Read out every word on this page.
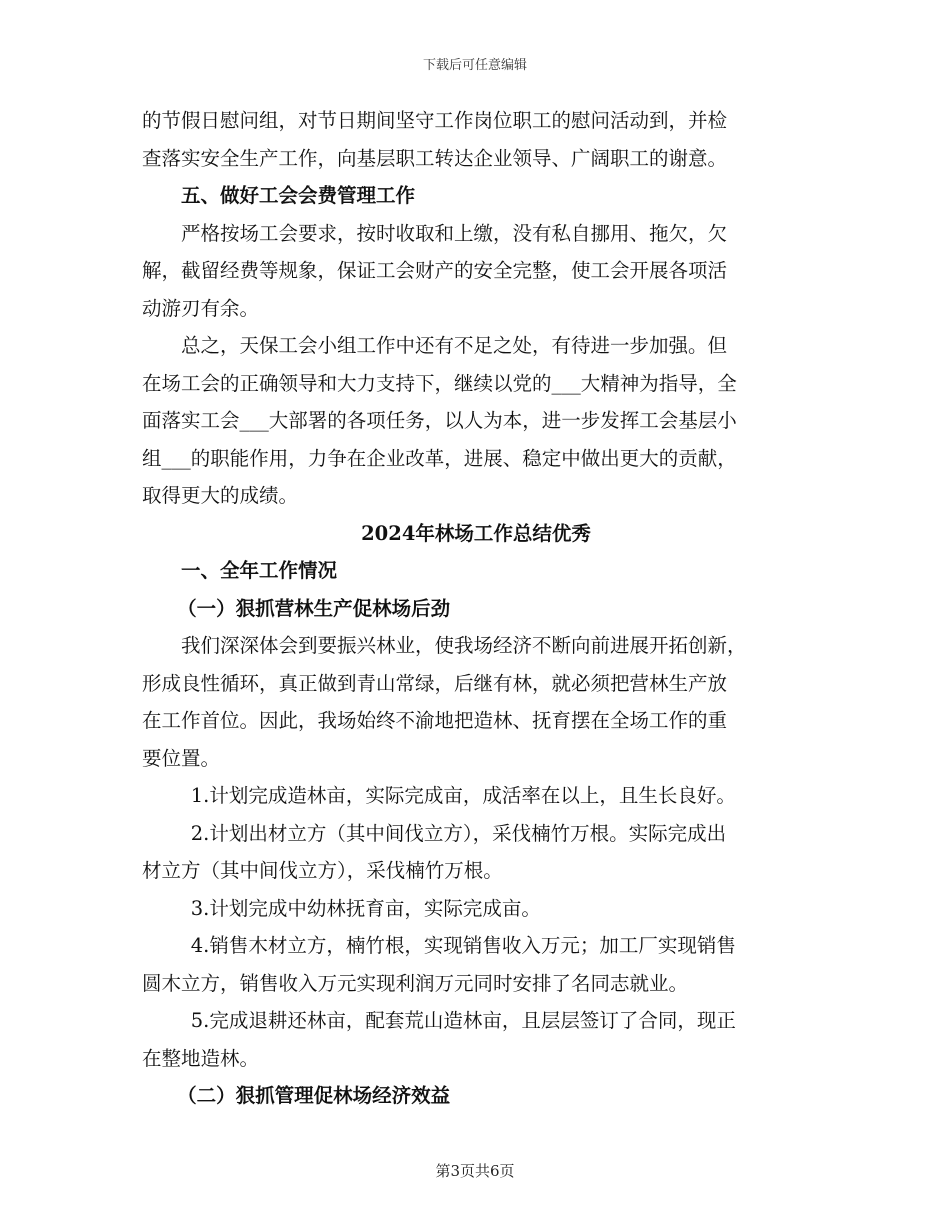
下载后可任意编辑

的节假日慰问组，对节日期间坚守工作岗位职工的慰问活动到，并检

查落实安全生产工作，向基层职工转达企业领导、广阔职工的谢意。

五、做好工会会费管理工作

严格按场工会要求，按时收取和上缴，没有私自挪用、拖欠，欠

解，截留经费等规象，保证工会财产的安全完整，使工会开展各项活

动游刃有余。

总之，天保工会小组工作中还有不足之处，有待进一步加强。但

在场工会的正确领导和大力支持下，继续以党的___大精神为指导，全

面落实工会___大部署的各项任务，以人为本，进一步发挥工会基层小

组___的职能作用，力争在企业改革，进展、稳定中做出更大的贡献，

取得更大的成绩。

2024年林场工作总结优秀

一、全年工作情况

（一）狠抓营林生产促林场后劲

我们深深体会到要振兴林业，使我场经济不断向前进展开拓创新，

形成良性循环，真正做到青山常绿，后继有林，就必须把营林生产放

在工作首位。因此，我场始终不渝地把造林、抚育摆在全场工作的重

要位置。

1.计划完成造林亩，实际完成亩，成活率在以上，且生长良好。

2.计划出材立方（其中间伐立方），采伐楠竹万根。实际完成出

材立方（其中间伐立方），采伐楠竹万根。

3.计划完成中幼林抚育亩，实际完成亩。

4.销售木材立方，楠竹根，实现销售收入万元；加工厂实现销售

圆木立方，销售收入万元实现利润万元同时安排了名同志就业。

5.完成退耕还林亩，配套荒山造林亩，且层层签订了合同，现正

在整地造林。

（二）狠抓管理促林场经济效益

第3页共6页
